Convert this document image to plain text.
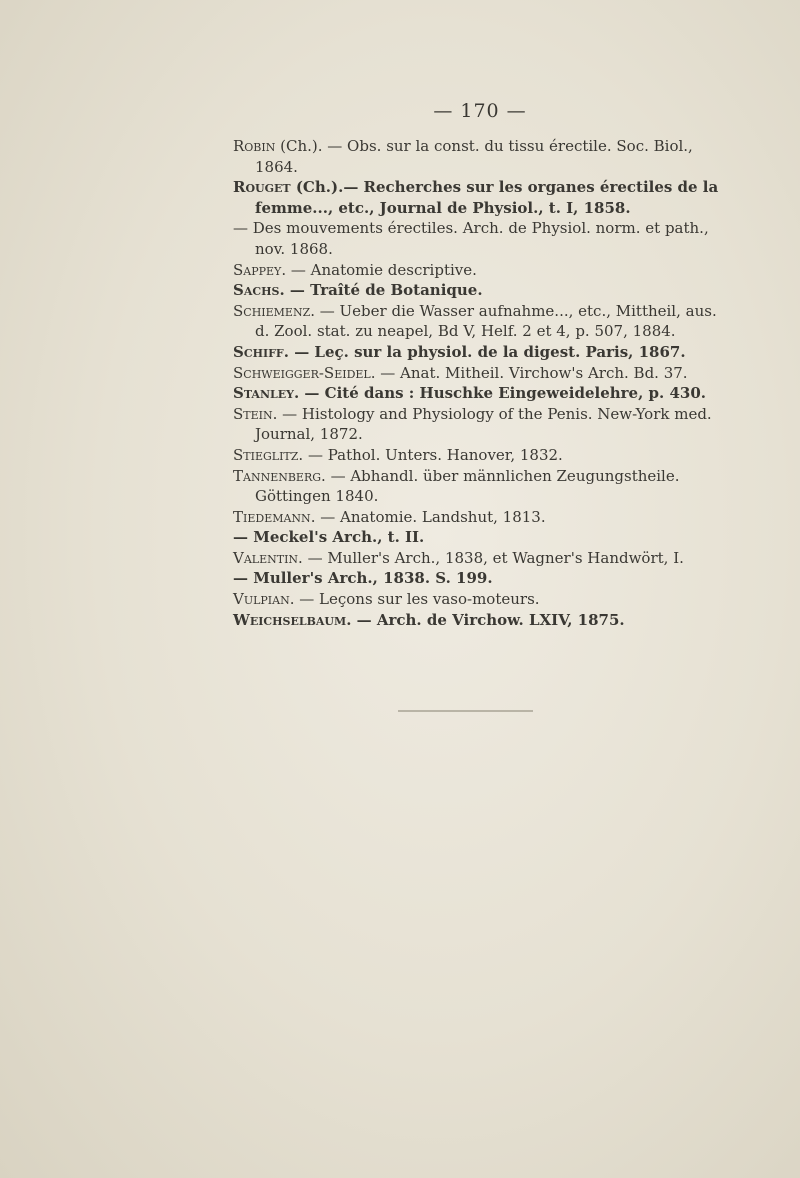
— 170 —

Robin (Ch.). — Obs. sur la const. du tissu érectile. Soc. Biol., 1864.

Rouget (Ch.).— Recherches sur les organes érectiles de la femme..., etc., Journal de Physiol., t. I, 1858.

— Des mouvements érectiles. Arch. de Physiol. norm. et path., nov. 1868.

Sappey. — Anatomie descriptive.

Sachs. — Traîté de Botanique.

Schiemenz. — Ueber die Wasser aufnahme..., etc., Mittheil, aus. d. Zool. stat. zu neapel, Bd V, Helf. 2 et 4, p. 507, 1884.

Schiff. — Leç. sur la physiol. de la digest. Paris, 1867.

Schweigger-Seidel. — Anat. Mitheil. Virchow's Arch. Bd. 37.

Stanley. — Cité dans : Huschke Eingeweidelehre, p. 430.

Stein. — Histology and Physiology of the Penis. New-York med. Journal, 1872.

Stieglitz. — Pathol. Unters. Hanover, 1832.

Tannenberg. — Abhandl. über männlichen Zeugungstheile. Göttingen 1840.

Tiedemann. — Anatomie. Landshut, 1813.

— Meckel's Arch., t. II.

Valentin. — Muller's Arch., 1838, et Wagner's Handwört, I.

— Muller's Arch., 1838. S. 199.

Vulpian. — Leçons sur les vaso-moteurs.

Weichselbaum. — Arch. de Virchow. LXIV, 1875.
